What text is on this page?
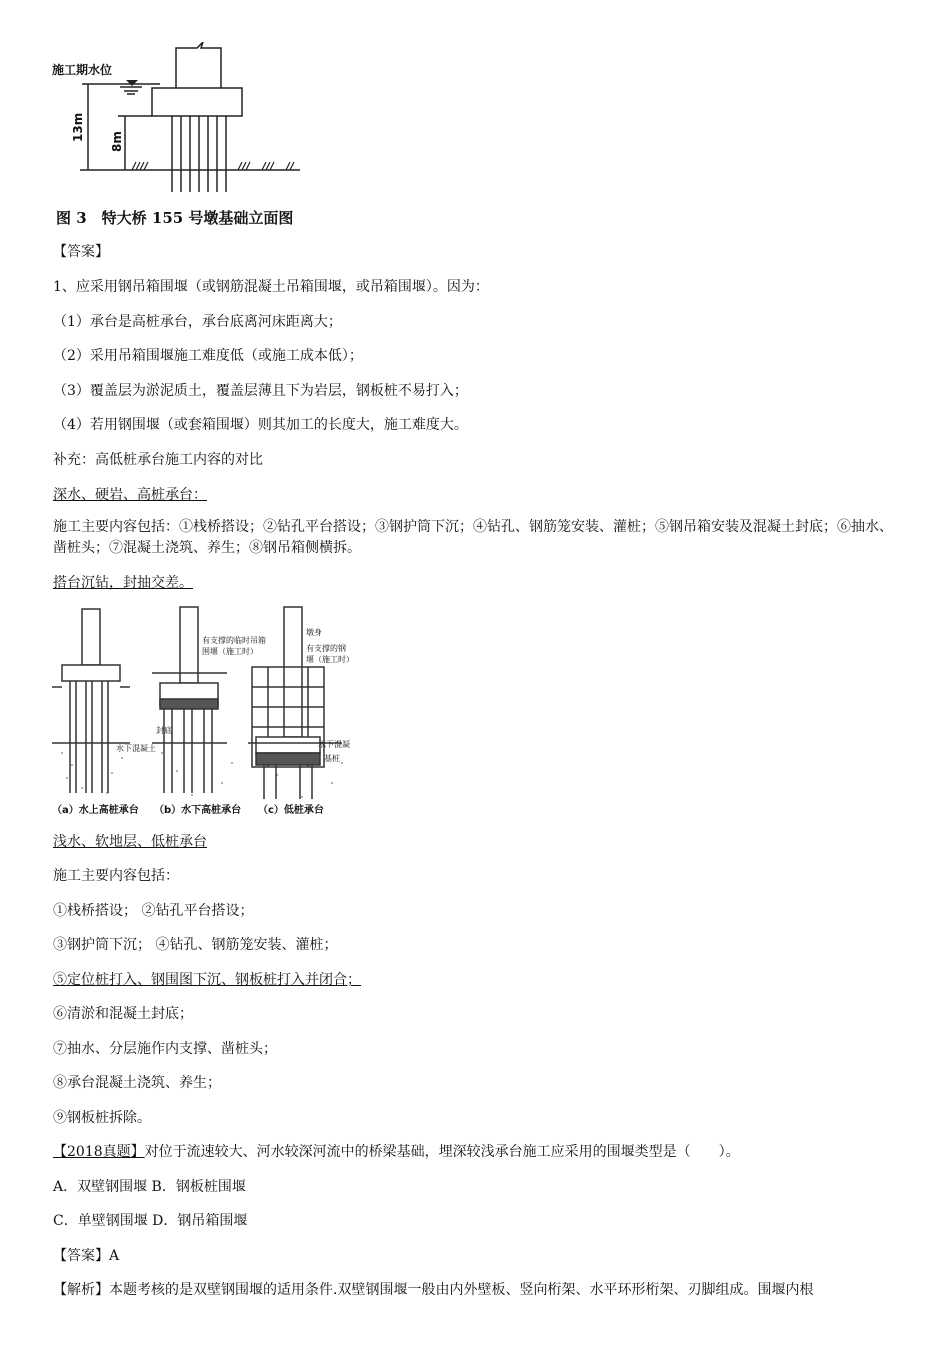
施工期水位
13m 8m
图 3　特大桥 155 号墩基础立面图
【答案】
1、应采用钢吊箱围堰（或钢筋混凝土吊箱围堰，或吊箱围堰）。因为：
（1）承台是高桩承台，承台底离河床距离大；
（2）采用吊箱围堰施工难度低（或施工成本低）；
（3）覆盖层为淤泥质土，覆盖层薄且下为岩层，钢板桩不易打入；
（4）若用钢围堰（或套箱围堰）则其加工的长度大，施工难度大。
补充：高低桩承台施工内容的对比
深水、硬岩、高桩承台：
施工主要内容包括：①栈桥搭设；②钻孔平台搭设；③钢护筒下沉；④钻孔、钢筋笼安装、灌桩；⑤钢吊箱安装及混凝土封底；⑥抽水、凿桩头；⑦混凝土浇筑、养生；⑧钢吊箱侧横拆。
搭台沉钻，封抽交差。
有支撑的临时吊箱
围堰（施工时）
水下混凝土
封底
墩身
有支撑的钢
堰（施工时）
水下混凝
基桩
（a）水上高桩承台 （b）水下高桩承台 （c）低桩承台
浅水、软地层、低桩承台
施工主要内容包括：
①栈桥搭设； ②钻孔平台搭设；
③钢护筒下沉； ④钻孔、钢筋笼安装、灌桩；
⑤定位桩打入、钢围图下沉、钢板桩打入并闭合；
⑥清淤和混凝土封底；
⑦抽水、分层施作内支撑、凿桩头；
⑧承台混凝土浇筑、养生；
⑨钢板桩拆除。
【2018真题】对位于流速较大、河水较深河流中的桥梁基础，埋深较浅承台施工应采用的围堰类型是（　　）。
A．双壁钢围堰 B．钢板桩围堰
C．单壁钢围堰 D．钢吊箱围堰
【答案】A
【解析】本题考核的是双壁钢围堰的适用条件.双壁钢围堰一般由内外壁板、竖向桁架、水平环形桁架、刃脚组成。围堰内根
